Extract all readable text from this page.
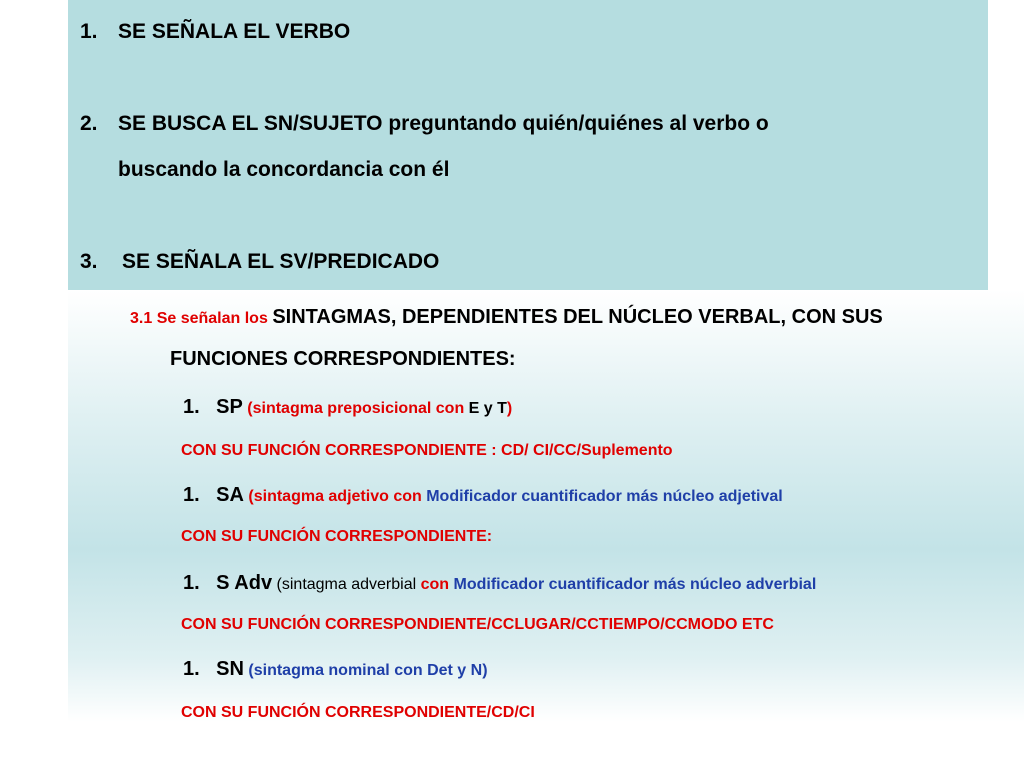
1. SE SEÑALA EL VERBO
2. SE BUSCA EL SN/SUJETO preguntando quién/quiénes al verbo o
buscando la concordancia con él
3. SE SEÑALA EL SV/PREDICADO
3.1 Se señalan los SINTAGMAS, DEPENDIENTES DEL NÚCLEO VERBAL, CON SUS
FUNCIONES CORRESPONDIENTES:
1. SP (sintagma preposicional con E y T)
CON SU FUNCIÓN CORRESPONDIENTE : CD/ CI/CC/Suplemento
1. SA (sintagma adjetivo con Modificador cuantificador más núcleo adjetival
CON SU FUNCIÓN CORRESPONDIENTE:
1. S Adv (sintagma adverbial con Modificador cuantificador más núcleo adverbial
CON SU FUNCIÓN CORRESPONDIENTE/CCLUGAR/CCTIEMPO/CCMODO ETC
1. SN (sintagma nominal con Det y N)
CON SU FUNCIÓN CORRESPONDIENTE/CD/CI
